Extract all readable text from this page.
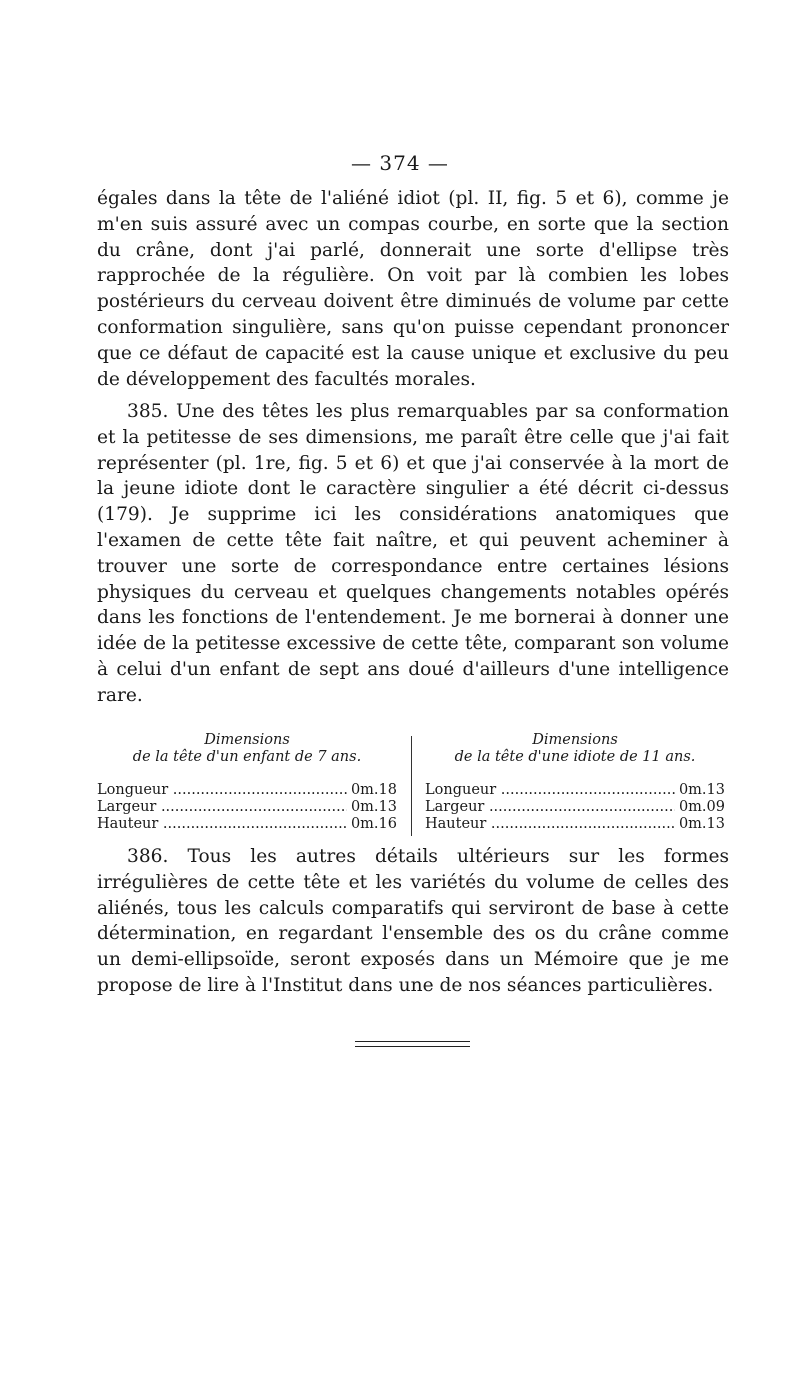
— 374 —

égales dans la tête de l'aliéné idiot (pl. II, fig. 5 et 6), comme je m'en suis assuré avec un compas courbe, en sorte que la section du crâne, dont j'ai parlé, donnerait une sorte d'ellipse très rapprochée de la régulière. On voit par là combien les lobes postérieurs du cerveau doivent être diminués de volume par cette conformation singulière, sans qu'on puisse cependant prononcer que ce défaut de capacité est la cause unique et exclusive du peu de développement des facultés morales.

385. Une des têtes les plus remarquables par sa conformation et la petitesse de ses dimensions, me paraît être celle que j'ai fait représenter (pl. 1re, fig. 5 et 6) et que j'ai conservée à la mort de la jeune idiote dont le caractère singulier a été décrit ci-dessus (179). Je supprime ici les considérations anatomiques que l'examen de cette tête fait naître, et qui peuvent acheminer à trouver une sorte de correspondance entre certaines lésions physiques du cerveau et quelques changements notables opérés dans les fonctions de l'entendement. Je me bornerai à donner une idée de la petitesse excessive de cette tête, comparant son volume à celui d'un enfant de sept ans doué d'ailleurs d'une intelligence rare.

Dimensions
de la tête d'un enfant de 7 ans.
Longueur .....	0m.18
Largeur .....	0m.13
Hauteur .....	0m.16
Dimensions
de la tête d'une idiote de 11 ans.
Longueur .....	0m.13
Largeur .....	0m.09
Hauteur .....	0m.13

386. Tous les autres détails ultérieurs sur les formes irrégulières de cette tête et les variétés du volume de celles des aliénés, tous les calculs comparatifs qui serviront de base à cette détermination, en regardant l'ensemble des os du crâne comme un demi-ellipsoïde, seront exposés dans un Mémoire que je me propose de lire à l'Institut dans une de nos séances particulières.
